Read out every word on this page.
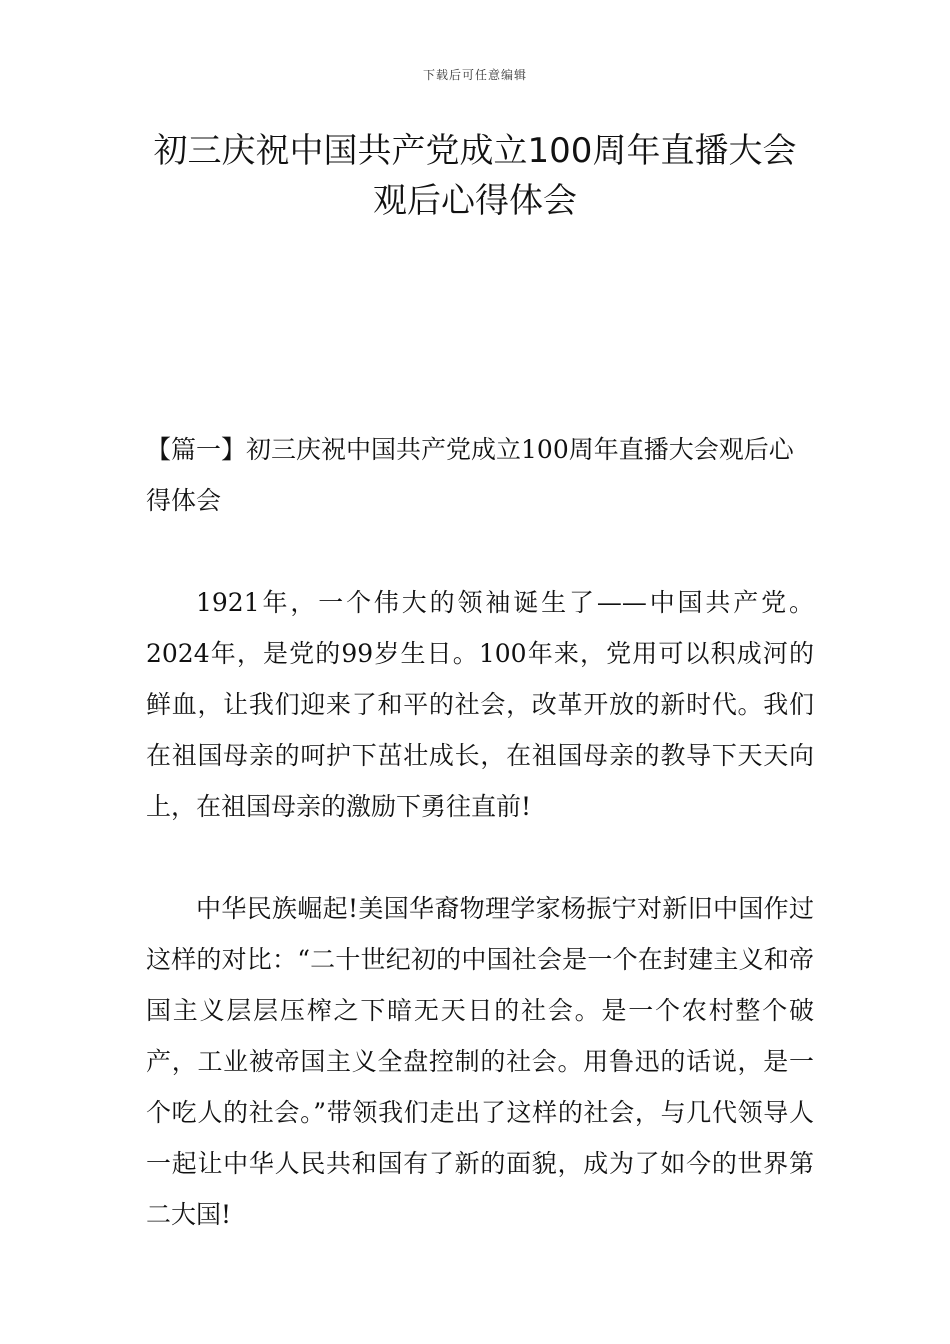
下载后可任意编辑
初三庆祝中国共产党成立100周年直播大会观后心得体会

【篇一】初三庆祝中国共产党成立100周年直播大会观后心得体会

1921年，一个伟大的领袖诞生了——中国共产党。2024年，是党的99岁生日。100年来，党用可以积成河的鲜血，让我们迎来了和平的社会，改革开放的新时代。我们在祖国母亲的呵护下茁壮成长，在祖国母亲的教导下天天向上，在祖国母亲的激励下勇往直前!

中华民族崛起!美国华裔物理学家杨振宁对新旧中国作过这样的对比：“二十世纪初的中国社会是一个在封建主义和帝国主义层层压榨之下暗无天日的社会。是一个农村整个破产，工业被帝国主义全盘控制的社会。用鲁迅的话说，是一个吃人的社会。”带领我们走出了这样的社会，与几代领导人一起让中华人民共和国有了新的面貌，成为了如今的世界第二大国!
